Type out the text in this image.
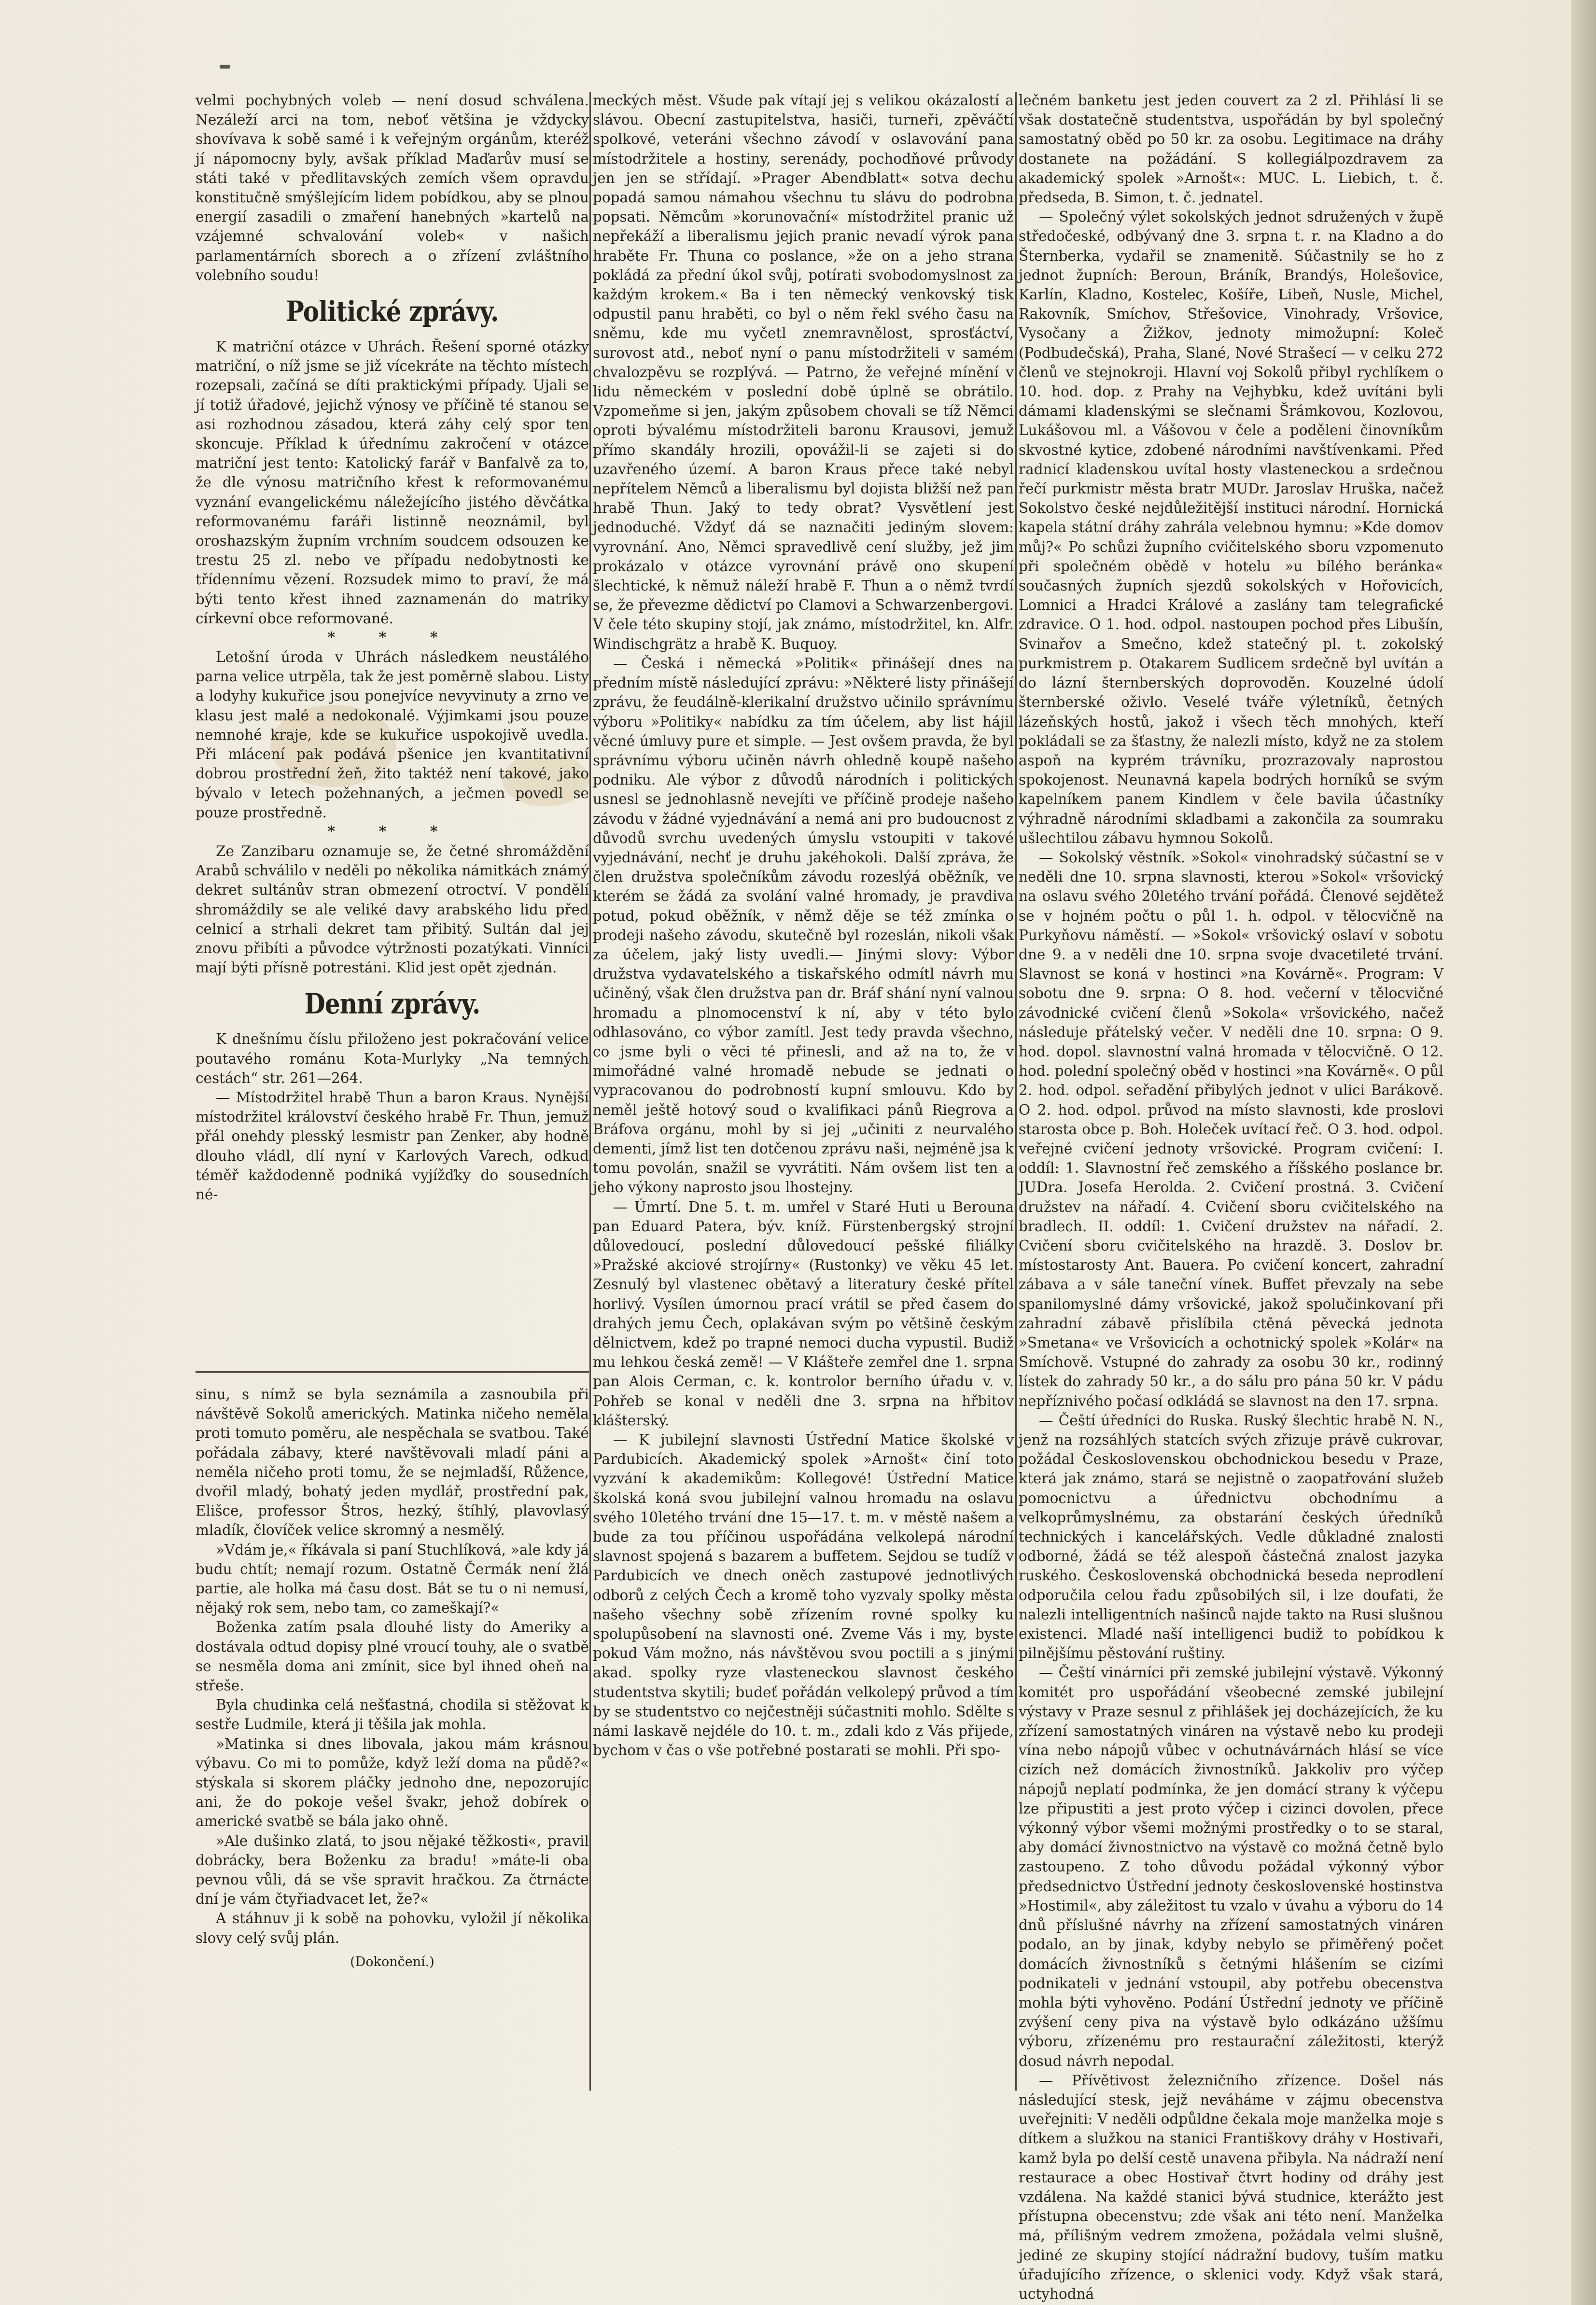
velmi pochybných voleb — není dosud schválena. Nezáleží arci na tom, neboť většina je vždycky shovívava k sobě samé i k veřejným orgánům, kteréž jí nápomocny byly, avšak příklad Maďarův musí se státi také v předlitavských zemích všem opravdu konstitučně smýšlejícím lidem pobídkou, aby se plnou energií zasadili o zmaření hanebných »kartelů na vzájemné schvalování voleb« v našich parlamentárních sborech a o zřízení zvláštního volebního soudu!

Politické zprávy.

K matriční otázce v Uhrách. Řešení sporné otázky matriční, o níž jsme se již vícekráte na těchto místech rozepsali, začíná se díti praktickými případy. Ujali se jí totiž úřadové, jejichž výnosy ve příčině té stanou se asi rozhodnou zásadou, která záhy celý spor ten skoncuje. Příklad k úřednímu zakročení v otázce matriční jest tento: Katolický farář v Banfalvě za to, že dle výnosu matričního křest k reformovanému vyznání evangelickému náležejícího jistého děvčátka reformovanému faráři listinně neoznámil, byl oroshazským župním vrchním soudcem odsouzen ke trestu 25 zl. nebo ve případu nedobytnosti ke třídennímu vězení. Rozsudek mimo to praví, že má býti tento křest ihned zaznamenán do matriky církevní obce reformované.

* * *

Letošní úroda v Uhrách následkem neustálého parna velice utrpěla, tak že jest poměrně slabou. Listy a lodyhy kukuřice jsou ponejvíce nevyvinuty a zrno ve klasu jest malé a nedokonalé. Výjimkami jsou pouze nemnohé kraje, kde se kukuřice uspokojivě uvedla. Při mlácení pak podává pšenice jen kvantitativní dobrou prostřední žeň, žito taktéž není takové, jako bývalo v letech požehnaných, a ječmen povedl se pouze prostředně.

* * *

Ze Zanzibaru oznamuje se, že četné shromáždění Arabů schválilo v neděli po několika námitkách známý dekret sultánův stran obmezení otroctví. V pondělí shromáždily se ale veliké davy arabského lidu před celnicí a strhali dekret tam přibitý. Sultán dal jej znovu přibíti a původce výtržnosti pozatýkati. Vinníci mají býti přísně potrestáni. Klid jest opět zjednán.

Denní zprávy.

K dnešnímu číslu přiloženo jest pokračování velice poutavého románu Kota-Murlyky „Na temných cestách“ str. 261—264.

— Místodržitel hrabě Thun a baron Kraus. Nynější místodržitel království českého hrabě Fr. Thun, jemuž přál onehdy plesský lesmistr pan Zenker, aby hodně dlouho vládl, dlí nyní v Karlových Varech, odkud téměř každodenně podniká vyjížďky do sousedních né-

sinu, s nímž se byla seznámila a zasnoubila při návštěvě Sokolů amerických. Matinka ničeho neměla proti tomuto poměru, ale nespěchala se svatbou. Také pořádala zábavy, které navštěvovali mladí páni a neměla ničeho proti tomu, že se nejmladší, Růžence, dvořil mladý, bohatý jeden mydlář, prostřední pak, Elišce, professor Štros, hezký, štíhlý, plavovlasý mladík, človíček velice skromný a nesmělý.

»Vdám je,« říkávala si paní Stuchlíková, »ale kdy já budu chtít; nemají rozum. Ostatně Čermák není žlá partie, ale holka má času dost. Bát se tu o ni nemusí, nějaký rok sem, nebo tam, co zameškají?«

Boženka zatím psala dlouhé listy do Ameriky a dostávala odtud dopisy plné vroucí touhy, ale o svatbě se nesměla doma ani zmínit, sice byl ihned oheň na střeše.

Byla chudinka celá nešťastná, chodila si stěžovat k sestře Ludmile, která ji těšila jak mohla.

»Matinka si dnes libovala, jakou mám krásnou výbavu. Co mi to pomůže, když leží doma na půdě?« stýskala si skorem pláčky jednoho dne, nepozorujíc ani, že do pokoje vešel švakr, jehož dobírek o americké svatbě se bála jako ohně.

»Ale dušinko zlatá, to jsou nějaké těžkosti«, pravil dobrácky, bera Boženku za bradu! »máte-li oba pevnou vůli, dá se vše spravit hračkou. Za čtrnácte dní je vám čtyřiadvacet let, že?«

A stáhnuv ji k sobě na pohovku, vyložil jí několika slovy celý svůj plán.

(Dokončení.)

meckých měst. Všude pak vítají jej s velikou okázalostí a slávou. Obecní zastupitelstva, hasiči, turneři, zpěváčtí spolkové, veteráni všechno závodí v oslavování pana místodržitele a hostiny, serenády, pochodňové průvody jen jen se střídají. »Prager Abendblatt« sotva dechu popadá samou námahou všechnu tu slávu do podrobna popsati. Němcům »korunovační« místodržitel pranic už nepřekáží a liberalismu jejich pranic nevadí výrok pana hraběte Fr. Thuna co poslance, »že on a jeho strana pokládá za přední úkol svůj, potírati svobodomyslnost za každým krokem.« Ba i ten německý venkovský tisk odpustil panu hraběti, co byl o něm řekl svého času na sněmu, kde mu vyčetl znemravnělost, sprosťáctví, surovost atd., neboť nyní o panu místodržiteli v samém chvalozpěvu se rozplývá. — Patrno, že veřejné mínění v lidu německém v poslední době úplně se obrátilo. Vzpomeňme si jen, jakým způsobem chovali se tíž Němci oproti bývalému místodržiteli baronu Krausovi, jemuž přímo skandály hrozili, opovážil-li se zajeti si do uzavřeného území. A baron Kraus přece také nebyl nepřítelem Němců a liberalismu byl dojista bližší než pan hrabě Thun. Jaký to tedy obrat? Vysvětlení jest jednoduché. Vždyť dá se naznačiti jediným slovem: vyrovnání. Ano, Němci spravedlivě cení služby, jež jim prokázalo v otázce vyrovnání právě ono skupení šlechtické, k němuž náleží hrabě F. Thun a o němž tvrdí se, že převezme dědictví po Clamovi a Schwarzenbergovi. V čele této skupiny stojí, jak známo, místodržitel, kn. Alfr. Windischgrätz a hrabě K. Buquoy.

— Česká i německá »Politik« přinášejí dnes na předním místě následující zprávu: »Některé listy přinášejí zprávu, že feudálně-klerikalní družstvo učinilo správnímu výboru »Politiky« nabídku za tím účelem, aby list hájil věcné úmluvy pure et simple. — Jest ovšem pravda, že byl správnímu výboru učiněn návrh ohledně koupě našeho podniku. Ale výbor z důvodů národních i politických usnesl se jednohlasně nevejíti ve příčině prodeje našeho závodu v žádné vyjednávání a nemá ani pro budoucnost z důvodů svrchu uvedených úmyslu vstoupiti v takové vyjednávání, nechť je druhu jakéhokoli. Další zpráva, že člen družstva společníkům závodu rozeslýá oběžník, ve kterém se žádá za svolání valné hromady, je pravdiva potud, pokud oběžník, v němž děje se též zmínka o prodeji našeho závodu, skutečně byl rozeslán, nikoli však za účelem, jaký listy uvedli.— Jinými slovy: Výbor družstva vydavatelského a tiskařského odmítl návrh mu učiněný, však člen družstva pan dr. Bráf shání nyní valnou hromadu a plnomocenství k ní, aby v této bylo odhlasováno, co výbor zamítl. Jest tedy pravda všechno, co jsme byli o věci té přinesli, and až na to, že v mimořádné valné hromadě nebude se jednati o vypracovanou do podrobností kupní smlouvu. Kdo by neměl ještě hotový soud o kvalifikaci pánů Riegrova a Bráfova orgánu, mohl by si jej „učiniti z neurvalého dementi, jímž list ten dotčenou zprávu naši, nejméně jsa k tomu povolán, snažil se vyvrátiti. Nám ovšem list ten a jeho výkony naprosto jsou lhostejny.

— Úmrtí. Dne 5. t. m. umřel v Staré Huti u Berouna pan Eduard Patera, býv. kníž. Fürstenbergský strojní důlovedoucí, poslední důlovedoucí pešské filiálky »Pražské akciové strojírny« (Rustonky) ve věku 45 let. Zesnulý byl vlastenec obětavý a literatury české přítel horlivý. Vysílen úmornou prací vrátil se před časem do drahých jemu Čech, oplakávan svým po většině českým dělnictvem, kdež po trapné nemoci ducha vypustil. Budiž mu lehkou česká země! — V Klášteře zemřel dne 1. srpna pan Alois Cerman, c. k. kontrolor berního úřadu v. v. Pohřeb se konal v neděli dne 3. srpna na hřbitov klášterský.

— K jubilejní slavnosti Ústřední Matice školské v Pardubicích. Akademický spolek »Arnošt« činí toto vyzvání k akademikům: Kollegové! Ústřední Matice školská koná svou jubilejní valnou hromadu na oslavu svého 10letého trvání dne 15—17. t. m. v městě našem a bude za tou příčinou uspořádána velkolepá národní slavnost spojená s bazarem a buffetem. Sejdou se tudíž v Pardubicích ve dnech oněch zastupové jednotlivých odborů z celých Čech a kromě toho vyzvaly spolky města našeho všechny sobě zřízením rovné spolky ku spolupůsobení na slavnosti oné. Zveme Vás i my, byste pokud Vám možno, nás návštěvou svou poctili a s jinými akad. spolky ryze vlasteneckou slavnost českého studentstva skytili; budeť pořádán velkolepý průvod a tím by se studentstvo co nejčestněji súčastniti mohlo. Sdělte s námi laskavě nejdéle do 10. t. m., zdali kdo z Vás přijede, bychom v čas o vše potřebné postarati se mohli. Při spo-

lečném banketu jest jeden couvert za 2 zl. Přihlásí li se však dostatečně studentstva, uspořádán by byl společný samostatný oběd po 50 kr. za osobu. Legitimace na dráhy dostanete na požádání. S kollegiálpozdravem za akademický spolek »Arnošt«: MUC. L. Liebich, t. č. předseda, B. Simon, t. č. jednatel.

— Společný výlet sokolských jednot sdružených v župě středočeské, odbývaný dne 3. srpna t. r. na Kladno a do Šternberka, vydařil se znamenitě. Súčastnily se ho z jednot župních: Beroun, Bráník, Brandýs, Holešovice, Karlín, Kladno, Kostelec, Košíře, Libeň, Nusle, Michel, Rakovník, Smíchov, Střešovice, Vinohrady, Vršovice, Vysočany a Žižkov, jednoty mimožupní: Koleč (Podbudečská), Praha, Slané, Nové Strašecí — v celku 272 členů ve stejnokroji. Hlavní voj Sokolů přibyl rychlíkem o 10. hod. dop. z Prahy na Vejhybku, kdež uvítáni byli dámami kladenskými se slečnami Šrámkovou, Kozlovou, Lukášovou ml. a Vášovou v čele a poděleni činovníkům skvostné kytice, zdobené národními navštívenkami. Před radnicí kladenskou uvítal hosty vlasteneckou a srdečnou řečí purkmistr města bratr MUDr. Jaroslav Hruška, načež Sokolstvo české nejdůležitější instituci národní. Hornická kapela státní dráhy zahrála velebnou hymnu: »Kde domov můj?« Po schůzi župního cvičitelského sboru vzpomenuto při společném obědě v hotelu »u bílého beránka« současných župních sjezdů sokolských v Hořovicích, Lomnici a Hradci Králové a zaslány tam telegrafické zdravice. O 1. hod. odpol. nastoupen pochod přes Libušín, Svinařov a Smečno, kdež statečný pl. t. zokolský purkmistrem p. Otakarem Sudlicem srdečně byl uvítán a do lázní šternberských doprovoděn. Kouzelné údolí šternberské oživlo. Veselé tváře výletníků, četných lázeňských hostů, jakož i všech těch mnohých, kteří pokládali se za šťastny, že nalezli místo, když ne za stolem aspoň na kyprém trávníku, prozrazovaly naprostou spokojenost. Neunavná kapela bodrých horníků se svým kapelníkem panem Kindlem v čele bavila účastníky výhradně národními skladbami a zakončila za soumraku ušlechtilou zábavu hymnou Sokolů.

— Sokolský věstník. »Sokol« vinohradský súčastní se v neděli dne 10. srpna slavnosti, kterou »Sokol« vršovický na oslavu svého 20letého trvání pořádá. Členové sejdětež se v hojném počtu o půl 1. h. odpol. v tělocvičně na Purkyňovu náměstí. — »Sokol« vršovický oslaví v sobotu dne 9. a v neděli dne 10. srpna svoje dvacetileté trvání. Slavnost se koná v hostinci »na Kovárně«. Program: V sobotu dne 9. srpna: O 8. hod. večerní v tělocvičné závodnické cvičení členů »Sokola« vršovického, načež následuje přátelský večer. V neděli dne 10. srpna: O 9. hod. dopol. slavnostní valná hromada v tělocvičně. O 12. hod. polední společný oběd v hostinci »na Kovárně«. O půl 2. hod. odpol. seřadění přibylých jednot v ulici Barákově. O 2. hod. odpol. průvod na místo slavnosti, kde proslovi starosta obce p. Boh. Holeček uvítací řeč. O 3. hod. odpol. veřejné cvičení jednoty vršovické. Program cvičení: I. oddíl: 1. Slavnostní řeč zemského a říšského poslance br. JUDra. Josefa Herolda. 2. Cvičení prostná. 3. Cvičení družstev na nářadí. 4. Cvičení sboru cvičitelského na bradlech. II. oddíl: 1. Cvičení družstev na nářadí. 2. Cvičení sboru cvičitelského na hrazdě. 3. Doslov br. místostarosty Ant. Bauera. Po cvičení koncert, zahradní zábava a v sále taneční vínek. Buffet převzaly na sebe spanilomyslné dámy vršovické, jakož spolučinkovaní při zahradní zábavě přislíbila ctěná pěvecká jednota »Smetana« ve Vršovicích a ochotnický spolek »Kolár« na Smíchově. Vstupné do zahrady za osobu 30 kr., rodinný lístek do zahrady 50 kr., a do sálu pro pána 50 kr. V pádu nepříznivého počasí odkládá se slavnost na den 17. srpna.

— Čeští úředníci do Ruska. Ruský šlechtic hrabě N. N., jenž na rozsáhlých statcích svých zřizuje právě cukrovar, požádal Československou obchodnickou besedu v Praze, která jak známo, stará se nejistně o zaopatřování služeb pomocnictvu a úřednictvu obchodnímu a velkoprůmyslnému, za obstarání českých úředníků technických i kancelářských. Vedle důkladné znalosti odborné, žádá se též alespoň částečná znalost jazyka ruského. Československá obchodnická beseda neprodlení odporučila celou řadu způsobilých sil, i lze doufati, že nalezli intelligentních našinců najde takto na Rusi slušnou existenci. Mladé naší intelligenci budiž to pobídkou k pilnějšímu pěstování ruštiny.

— Čeští vinárníci při zemské jubilejní výstavě. Výkonný komitét pro uspořádání všeobecné zemské jubilejní výstavy v Praze sesnul z přihlášek jej docházejících, že ku zřízení samostatných vináren na výstavě nebo ku prodeji vína nebo nápojů vůbec v ochutnávárnách hlásí se více cizích než domácích živnostníků. Jakkoliv pro výčep nápojů neplatí podmínka, že jen domácí strany k výčepu lze připustiti a jest proto výčep i cizinci dovolen, přece výkonný výbor všemi možnými prostředky o to se staral, aby domácí živnostnictvo na výstavě co možná četně bylo zastoupeno. Z toho důvodu požádal výkonný výbor předsednictvo Ústřední jednoty československé hostinstva »Hostimil«, aby záležitost tu vzalo v úvahu a výboru do 14 dnů příslušné návrhy na zřízení samostatných vináren podalo, an by jinak, kdyby nebylo se přiměřený počet domácích živnostníků s četnými hlášením se cizími podnikateli v jednání vstoupil, aby potřebu obecenstva mohla býti vyhověno. Podání Ústřední jednoty ve příčině zvýšení ceny piva na výstavě bylo odkázáno užšímu výboru, zřízenému pro restaurační záležitosti, kterýž dosud návrh nepodal.

— Přívětivost železničního zřízence. Došel nás následující stesk, jejž neváháme v zájmu obecenstva uveřejniti: V neděli odpůldne čekala moje manželka moje s dítkem a služkou na stanici Františkovy dráhy v Hostivaři, kamž byla po delší cestě unavena přibyla. Na nádraží není restaurace a obec Hostivař čtvrt hodiny od dráhy jest vzdálena. Na každé stanici bývá studnice, kterážto jest přístupna obecenstvu; zde však ani této není. Manželka má, přílišným vedrem zmožena, požádala velmi slušně, jediné ze skupiny stojící nádražní budovy, tuším matku úřadujícího zřízence, o sklenici vody. Když však stará, uctyhodná
